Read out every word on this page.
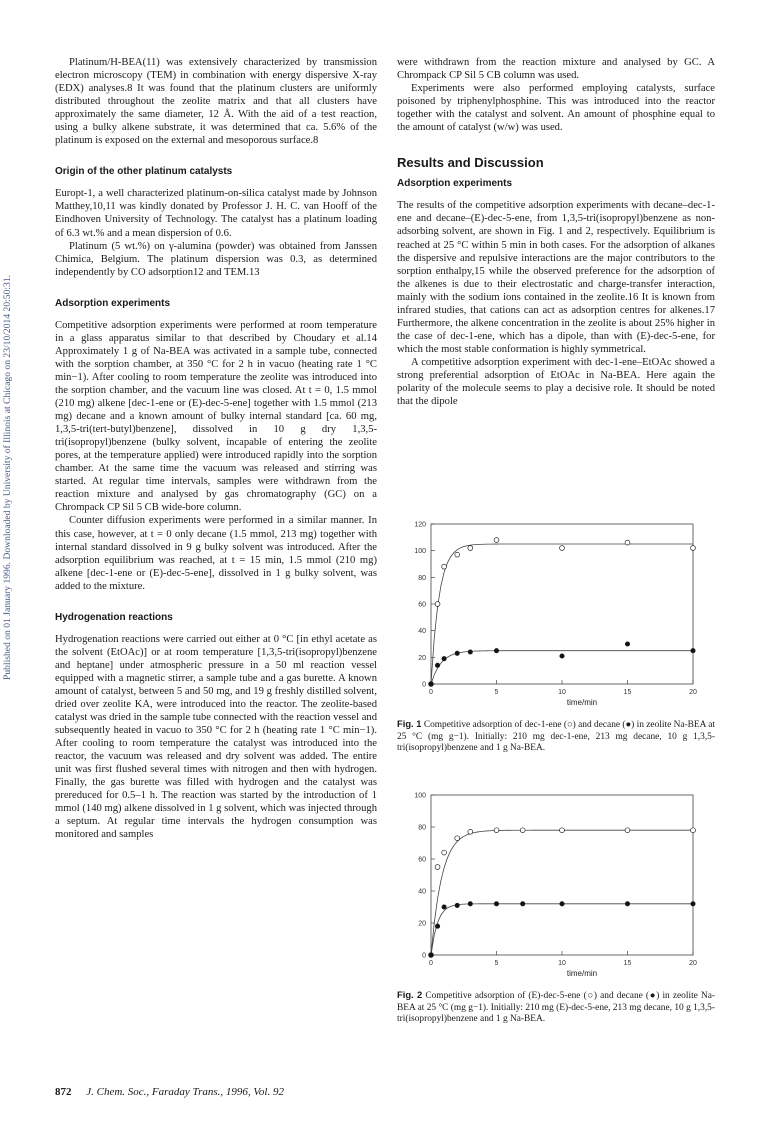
Published on 01 January 1996. Downloaded by University of Illinois at Chicago on 23/10/2014 20:50:31.

Platinum/H-BEA(11) was extensively characterized by transmission electron microscopy (TEM) in combination with energy dispersive X-ray (EDX) analyses.8 It was found that the platinum clusters are uniformly distributed throughout the zeolite matrix and that all clusters have approximately the same diameter, 12 Å. With the aid of a test reaction, using a bulky alkene substrate, it was determined that ca. 5.6% of the platinum is exposed on the external and mesoporous surface.8

Origin of the other platinum catalysts

Europt-1, a well characterized platinum-on-silica catalyst made by Johnson Matthey,10,11 was kindly donated by Professor J. H. C. van Hooff of the Eindhoven University of Technology. The catalyst has a platinum loading of 6.3 wt.% and a mean dispersion of 0.6.

Platinum (5 wt.%) on γ-alumina (powder) was obtained from Janssen Chimica, Belgium. The platinum dispersion was 0.3, as determined independently by CO adsorption12 and TEM.13

Adsorption experiments

Competitive adsorption experiments were performed at room temperature in a glass apparatus similar to that described by Choudary et al.14 Approximately 1 g of Na-BEA was activated in a sample tube, connected with the sorption chamber, at 350 °C for 2 h in vacuo (heating rate 1 °C min−1). After cooling to room temperature the zeolite was introduced into the sorption chamber, and the vacuum line was closed. At t = 0, 1.5 mmol (210 mg) alkene [dec-1-ene or (E)-dec-5-ene] together with 1.5 mmol (213 mg) decane and a known amount of bulky internal standard [ca. 60 mg, 1,3,5-tri(tert-butyl)benzene], dissolved in 10 g dry 1,3,5-tri(isopropyl)benzene (bulky solvent, incapable of entering the zeolite pores, at the temperature applied) were introduced rapidly into the sorption chamber. At the same time the vacuum was released and stirring was started. At regular time intervals, samples were withdrawn from the reaction mixture and analysed by gas chromatography (GC) on a Chrompack CP Sil 5 CB wide-bore column.

Counter diffusion experiments were performed in a similar manner. In this case, however, at t = 0 only decane (1.5 mmol, 213 mg) together with internal standard dissolved in 9 g bulky solvent was introduced. After the adsorption equilibrium was reached, at t = 15 min, 1.5 mmol (210 mg) alkene [dec-1-ene or (E)-dec-5-ene], dissolved in 1 g bulky solvent, was added to the mixture.

Hydrogenation reactions

Hydrogenation reactions were carried out either at 0 °C [in ethyl acetate as the solvent (EtOAc)] or at room temperature [1,3,5-tri(isopropyl)benzene and heptane] under atmospheric pressure in a 50 ml reaction vessel equipped with a magnetic stirrer, a sample tube and a gas burette. A known amount of catalyst, between 5 and 50 mg, and 19 g freshly distilled solvent, dried over zeolite KA, were introduced into the reactor. The zeolite-based catalyst was dried in the sample tube connected with the reaction vessel and subsequently heated in vacuo to 350 °C for 2 h (heating rate 1 °C min−1). After cooling to room temperature the catalyst was introduced into the reactor, the vacuum was released and dry solvent was added. The entire unit was first flushed several times with nitrogen and then with hydrogen. Finally, the gas burette was filled with hydrogen and the catalyst was prereduced for 0.5–1 h. The reaction was started by the introduction of 1 mmol (140 mg) alkene dissolved in 1 g solvent, which was injected through a septum. At regular time intervals the hydrogen consumption was monitored and samples

were withdrawn from the reaction mixture and analysed by GC. A Chrompack CP Sil 5 CB column was used.

Experiments were also performed employing catalysts, surface poisoned by triphenylphosphine. This was introduced into the reactor together with the catalyst and solvent. An amount of phosphine equal to the amount of catalyst (w/w) was used.

Results and Discussion
Adsorption experiments

The results of the competitive adsorption experiments with decane–dec-1-ene and decane–(E)-dec-5-ene, from 1,3,5-tri(isopropyl)benzene as non-adsorbing solvent, are shown in Fig. 1 and 2, respectively. Equilibrium is reached at 25 °C within 5 min in both cases. For the adsorption of alkanes the dispersive and repulsive interactions are the major contributors to the sorption enthalpy,15 while the observed preference for the adsorption of the alkenes is due to their electrostatic and charge-transfer interaction, mainly with the sodium ions contained in the zeolite.16 It is known from infrared studies, that cations can act as adsorption centres for alkenes.17 Furthermore, the alkene concentration in the zeolite is about 25% higher in the case of dec-1-ene, which has a dipole, than with (E)-dec-5-ene, for which the most stable conformation is highly symmetrical.

A competitive adsorption experiment with dec-1-ene–EtOAc showed a strong preferential adsorption of EtOAc in Na-BEA. Here again the polarity of the molecule seems to play a decisive role. It should be noted that the dipole

0
20
40
60
80
100
120
0	5	10	15	20
time/min
Fig. 1 Competitive adsorption of dec-1-ene (○) and decane (●) in zeolite Na-BEA at 25 °C (mg g−1). Initially: 210 mg dec-1-ene, 213 mg decane, 10 g 1,3,5-tri(isopropyl)benzene and 1 g Na-BEA.
0
20
40
60
80
100
0	5	10	15	20
time/min
Fig. 2 Competitive adsorption of (E)-dec-5-ene (○) and decane (●) in zeolite Na-BEA at 25 °C (mg g−1). Initially: 210 mg (E)-dec-5-ene, 213 mg decane, 10 g 1,3,5-tri(isopropyl)benzene and 1 g Na-BEA.
872 J. Chem. Soc., Faraday Trans., 1996, Vol. 92
